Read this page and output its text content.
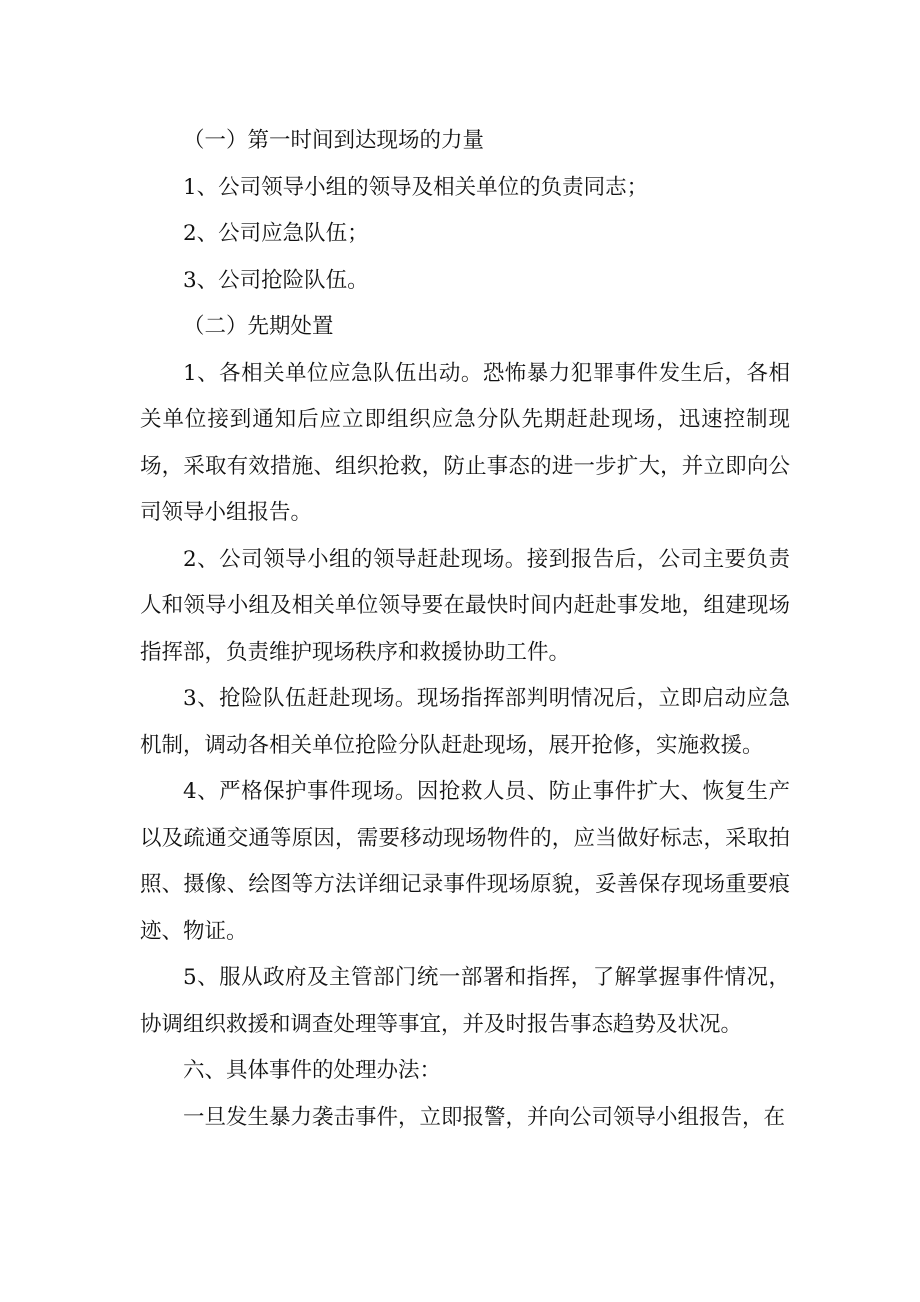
（一）第一时间到达现场的力量

1、公司领导小组的领导及相关单位的负责同志；

2、公司应急队伍；

3、公司抢险队伍。

（二）先期处置

1、各相关单位应急队伍出动。恐怖暴力犯罪事件发生后，各相关单位接到通知后应立即组织应急分队先期赶赴现场，迅速控制现场，采取有效措施、组织抢救，防止事态的进一步扩大，并立即向公司领导小组报告。

2、公司领导小组的领导赶赴现场。接到报告后，公司主要负责人和领导小组及相关单位领导要在最快时间内赶赴事发地，组建现场指挥部，负责维护现场秩序和救援协助工件。

3、抢险队伍赶赴现场。现场指挥部判明情况后，立即启动应急机制，调动各相关单位抢险分队赶赴现场，展开抢修，实施救援。

4、严格保护事件现场。因抢救人员、防止事件扩大、恢复生产以及疏通交通等原因，需要移动现场物件的，应当做好标志，采取拍照、摄像、绘图等方法详细记录事件现场原貌，妥善保存现场重要痕迹、物证。

5、服从政府及主管部门统一部署和指挥，了解掌握事件情况，协调组织救援和调查处理等事宜，并及时报告事态趋势及状况。

六、具体事件的处理办法：

一旦发生暴力袭击事件，立即报警，并向公司领导小组报告，在
